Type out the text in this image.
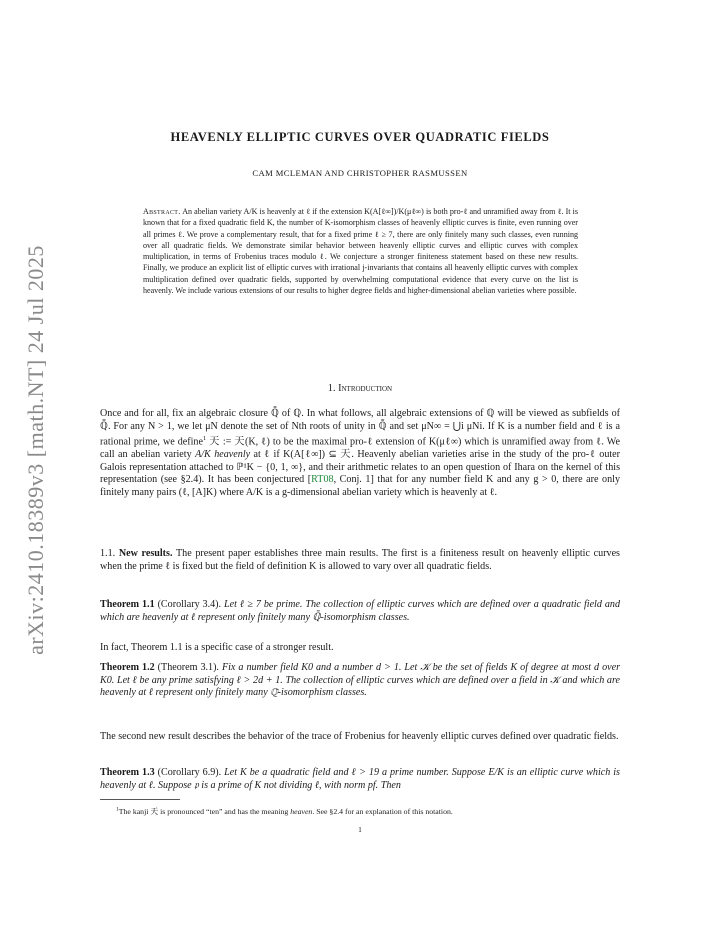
arXiv:2410.18389v3 [math.NT] 24 Jul 2025
HEAVENLY ELLIPTIC CURVES OVER QUADRATIC FIELDS
CAM MCLEMAN AND CHRISTOPHER RASMUSSEN
Abstract. An abelian variety A/K is heavenly at ℓ if the extension K(A[ℓ∞])/K(μℓ∞) is both pro-ℓ and unramified away from ℓ. It is known that for a fixed quadratic field K, the number of K-isomorphism classes of heavenly elliptic curves is finite, even running over all primes ℓ. We prove a complementary result, that for a fixed prime ℓ ≥ 7, there are only finitely many such classes, even running over all quadratic fields. We demonstrate similar behavior between heavenly elliptic curves and elliptic curves with complex multiplication, in terms of Frobenius traces modulo ℓ. We conjecture a stronger finiteness statement based on these new results. Finally, we produce an explicit list of elliptic curves with irrational j-invariants that contains all heavenly elliptic curves with complex multiplication defined over quadratic fields, supported by overwhelming computational evidence that every curve on the list is heavenly. We include various extensions of our results to higher degree fields and higher-dimensional abelian varieties where possible.
1. Introduction
Once and for all, fix an algebraic closure ℚ̄ of ℚ. In what follows, all algebraic extensions of ℚ will be viewed as subfields of ℚ̄. For any N > 1, we let μN denote the set of Nth roots of unity in ℚ̄ and set μN∞ = ⋃i μNi. If K is a number field and ℓ is a rational prime, we define$^1$ 天 := 天(K, ℓ) to be the maximal pro-ℓ extension of K(μℓ∞) which is unramified away from ℓ. We call an abelian variety A/K heavenly at ℓ if K(A[ℓ∞]) ⊆ 天. Heavenly abelian varieties arise in the study of the pro-ℓ outer Galois representation attached to ℙ¹K − {0, 1, ∞}, and their arithmetic relates to an open question of Ihara on the kernel of this representation (see §2.4). It has been conjectured [RT08, Conj. 1] that for any number field K and any g > 0, there are only finitely many pairs (ℓ, [A]K) where A/K is a g-dimensional abelian variety which is heavenly at ℓ.
1.1. New results. The present paper establishes three main results. The first is a finiteness result on heavenly elliptic curves when the prime ℓ is fixed but the field of definition K is allowed to vary over all quadratic fields.
Theorem 1.1 (Corollary 3.4). Let ℓ ≥ 7 be prime. The collection of elliptic curves which are defined over a quadratic field and which are heavenly at ℓ represent only finitely many ℚ̄-isomorphism classes.
In fact, Theorem 1.1 is a specific case of a stronger result.
Theorem 1.2 (Theorem 3.1). Fix a number field K0 and a number d > 1. Let 𝒦 be the set of fields K of degree at most d over K0. Let ℓ be any prime satisfying ℓ > 2d + 1. The collection of elliptic curves which are defined over a field in 𝒦 and which are heavenly at ℓ represent only finitely many ℚ̄-isomorphism classes.
The second new result describes the behavior of the trace of Frobenius for heavenly elliptic curves defined over quadratic fields.
Theorem 1.3 (Corollary 6.9). Let K be a quadratic field and ℓ > 19 a prime number. Suppose E/K is an elliptic curve which is heavenly at ℓ. Suppose 𝔭 is a prime of K not dividing ℓ, with norm pf. Then
$^1$The kanji 天 is pronounced “ten” and has the meaning heaven. See §2.4 for an explanation of this notation.
1
